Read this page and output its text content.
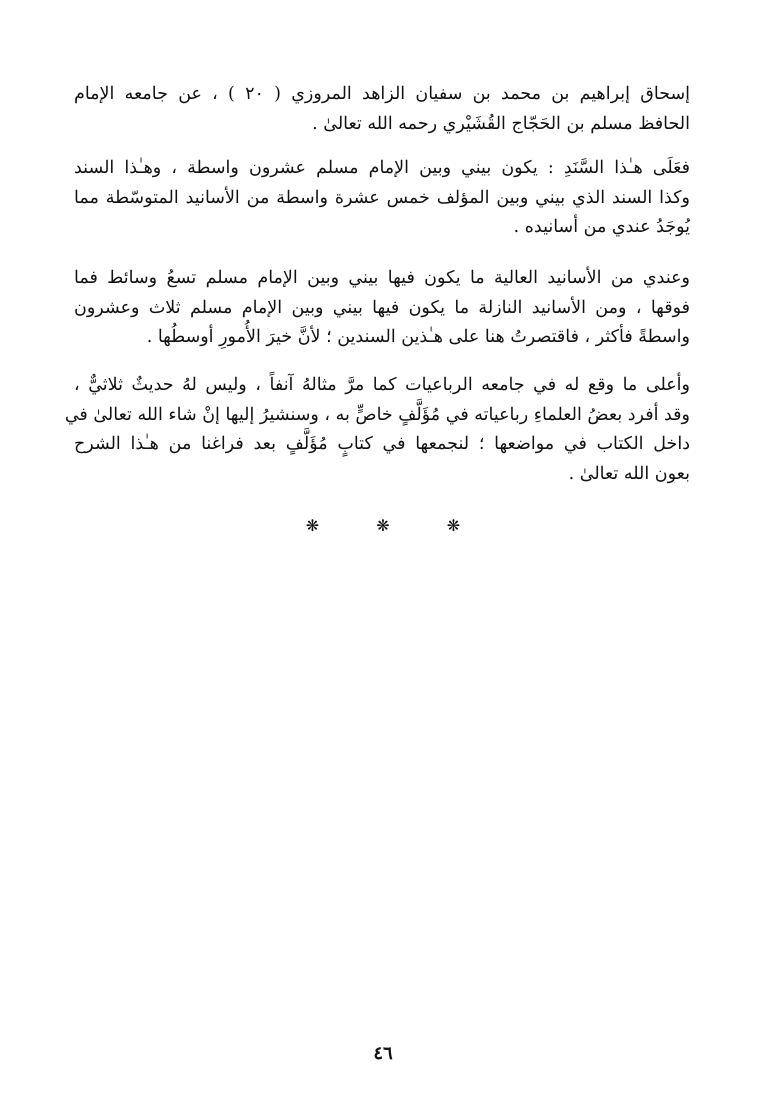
إسحاق إبراهيم بن محمد بن سفيان الزاهد المروزي ( ٢٠ ) ، عن جامعه الإمام
الحافظ مسلم بن الحَجّاج القُشَيْري رحمه الله تعالىٰ .

فعَلَى هـٰذا السَّنَدِ : يكون بيني وبين الإمام مسلم عشرون واسطة ، وهـٰذا السند
وكذا السند الذي بيني وبين المؤلف خمس عشرة واسطة من الأسانيد المتوسّطة مما
يُوجَدُ عندي من أسانيده .

وعندي من الأسانيد العالية ما يكون فيها بيني وبين الإمام مسلم تسعُ وسائط فما
فوقها ، ومن الأسانيد النازلة ما يكون فيها بيني وبين الإمام مسلم ثلاث وعشرون
واسطةً فأكثر ، فاقتصرتُ هنا على هـٰذين السندين ؛ لأنَّ خيرَ الأُمورِ أوسطُها .

وأعلى ما وقع له في جامعه الرباعيات كما مرَّ مثالهُ آنفاً ، وليس لهُ حديثٌ ثلاثيٌّ ،
وقد أفرد بعضُ العلماءِ رباعياته في مُؤَلَّفٍ خاصٍّ به ، وسنشيرُ إليها إنْ شاء الله تعالىٰ في
داخل الكتاب في مواضعها ؛ لنجمعها في كتابٍ مُؤَلَّفٍ بعد فراغنا من هـٰذا الشرح
بعون الله تعالىٰ .

❋ ❋ ❋
٤٦
